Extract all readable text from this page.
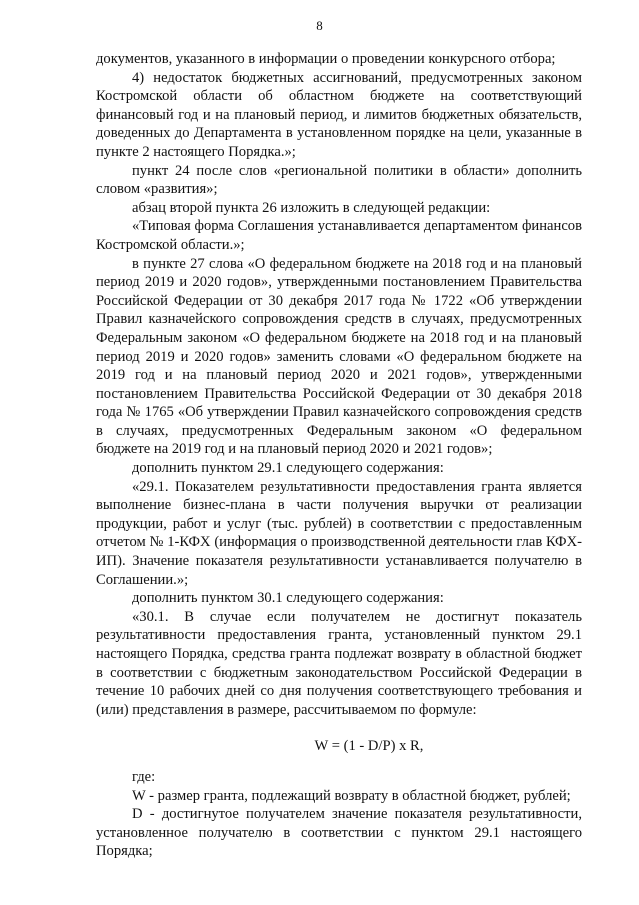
8

документов, указанного в информации о проведении конкурсного отбора;

4) недостаток бюджетных ассигнований, предусмотренных законом Костромской области об областном бюджете на соответствующий финансовый год и на плановый период, и лимитов бюджетных обязательств, доведенных до Департамента в установленном порядке на цели, указанные в пункте 2 настоящего Порядка.»;

пункт 24 после слов «региональной политики в области» дополнить словом «развития»;

абзац второй пункта 26 изложить в следующей редакции:

«Типовая форма Соглашения устанавливается департаментом финансов Костромской области.»;

в пункте 27 слова «О федеральном бюджете на 2018 год и на плановый период 2019 и 2020 годов», утвержденными постановлением Правительства Российской Федерации от 30 декабря 2017 года № 1722 «Об утверждении Правил казначейского сопровождения средств в случаях, предусмотренных Федеральным законом «О федеральном бюджете на 2018 год и на плановый период 2019 и 2020 годов» заменить словами «О федеральном бюджете на 2019 год и на плановый период 2020 и 2021 годов», утвержденными постановлением Правительства Российской Федерации от 30 декабря 2018 года № 1765 «Об утверждении Правил казначейского сопровождения средств в случаях, предусмотренных Федеральным законом «О федеральном бюджете на 2019 год и на плановый период 2020 и 2021 годов»;

дополнить пунктом 29.1 следующего содержания:

«29.1. Показателем результативности предоставления гранта является выполнение бизнес-плана в части получения выручки от реализации продукции, работ и услуг (тыс. рублей) в соответствии с предоставленным отчетом № 1-КФХ (информация о производственной деятельности глав КФХ-ИП). Значение показателя результативности устанавливается получателю в Соглашении.»;

дополнить пунктом 30.1 следующего содержания:

«30.1. В случае если получателем не достигнут показатель результативности предоставления гранта, установленный пунктом 29.1 настоящего Порядка, средства гранта подлежат возврату в областной бюджет в соответствии с бюджетным законодательством Российской Федерации в течение 10 рабочих дней со дня получения соответствующего требования и (или) представления в размере, рассчитываемом по формуле:

W = (1 - D/P) x R,

где:

W - размер гранта, подлежащий возврату в областной бюджет, рублей;

D - достигнутое получателем значение показателя результативности, установленное получателю в соответствии с пунктом 29.1 настоящего Порядка;
